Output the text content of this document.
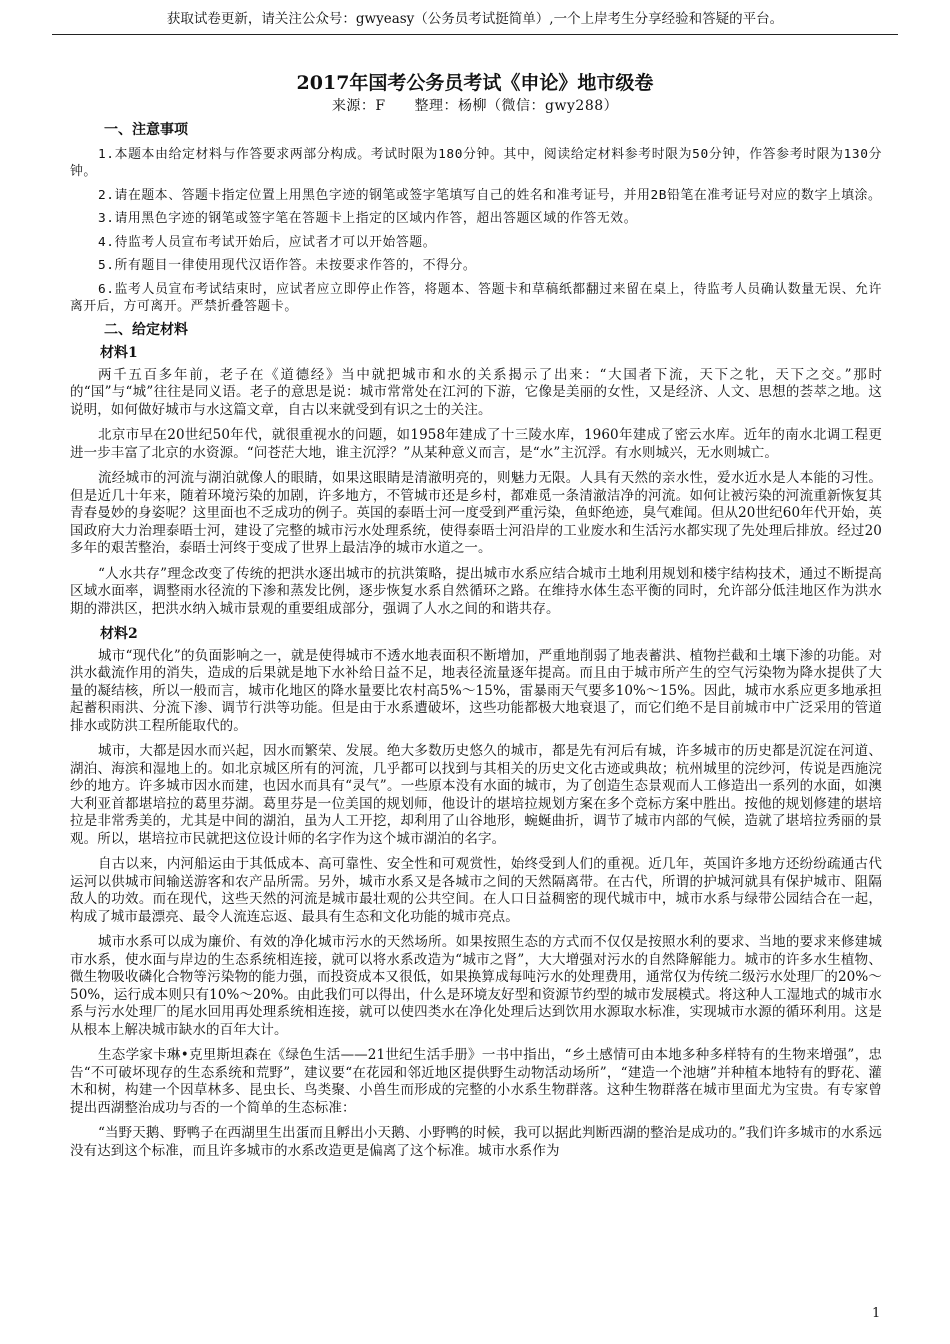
获取试卷更新，请关注公众号：gwyeasy（公务员考试挺简单）,一个上岸考生分享经验和答疑的平台。
2017年国考公务员考试《申论》地市级卷
来源：F　　整理：杨柳（微信：gwy288）
一、注意事项

1.本题本由给定材料与作答要求两部分构成。考试时限为180分钟。其中，阅读给定材料参考时限为50分钟，作答参考时限为130分钟。

2.请在题本、答题卡指定位置上用黑色字迹的钢笔或签字笔填写自己的姓名和准考证号，并用2B铅笔在准考证号对应的数字上填涂。

3.请用黑色字迹的钢笔或签字笔在答题卡上指定的区域内作答，超出答题区域的作答无效。

4.待监考人员宣布考试开始后，应试者才可以开始答题。

5.所有题目一律使用现代汉语作答。未按要求作答的，不得分。

6.监考人员宣布考试结束时，应试者应立即停止作答，将题本、答题卡和草稿纸都翻过来留在桌上，待监考人员确认数量无误、允许离开后，方可离开。严禁折叠答题卡。

二、给定材料
材料1

两千五百多年前，老子在《道德经》当中就把城市和水的关系揭示了出来：“大国者下流，天下之牝，天下之交。”那时的“国”与“城”往往是同义语。老子的意思是说：城市常常处在江河的下游，它像是美丽的女性，又是经济、人文、思想的荟萃之地。这说明，如何做好城市与水这篇文章，自古以来就受到有识之士的关注。

北京市早在20世纪50年代，就很重视水的问题，如1958年建成了十三陵水库，1960年建成了密云水库。近年的南水北调工程更进一步丰富了北京的水资源。“问苍茫大地，谁主沉浮？”从某种意义而言，是“水”主沉浮。有水则城兴，无水则城亡。

流经城市的河流与湖泊就像人的眼睛，如果这眼睛是清澈明亮的，则魅力无限。人具有天然的亲水性，爱水近水是人本能的习性。但是近几十年来，随着环境污染的加剧，许多地方，不管城市还是乡村，都难觅一条清澈洁净的河流。如何让被污染的河流重新恢复其青春曼妙的身姿呢？这里面也不乏成功的例子。英国的泰晤士河一度受到严重污染，鱼虾绝迹，臭气难闻。但从20世纪60年代开始，英国政府大力治理泰晤士河，建设了完整的城市污水处理系统，使得泰晤士河沿岸的工业废水和生活污水都实现了先处理后排放。经过20多年的艰苦整治，泰晤士河终于变成了世界上最洁净的城市水道之一。

“人水共存”理念改变了传统的把洪水逐出城市的抗洪策略，提出城市水系应结合城市土地利用规划和楼宇结构技术，通过不断提高区域水面率，调整雨水径流的下渗和蒸发比例，逐步恢复水系自然循环之路。在维持水体生态平衡的同时，允许部分低洼地区作为洪水期的滞洪区，把洪水纳入城市景观的重要组成部分，强调了人水之间的和谐共存。

材料2

城市“现代化”的负面影响之一，就是使得城市不透水地表面积不断增加，严重地削弱了地表蓄洪、植物拦截和土壤下渗的功能。对洪水截流作用的消失，造成的后果就是地下水补给日益不足，地表径流量逐年提高。而且由于城市所产生的空气污染物为降水提供了大量的凝结核，所以一般而言，城市化地区的降水量要比农村高5%～15%，雷暴雨天气要多10%～15%。因此，城市水系应更多地承担起蓄积雨洪、分流下渗、调节行洪等功能。但是由于水系遭破坏，这些功能都极大地衰退了，而它们绝不是目前城市中广泛采用的管道排水或防洪工程所能取代的。

城市，大都是因水而兴起，因水而繁荣、发展。绝大多数历史悠久的城市，都是先有河后有城，许多城市的历史都是沉淀在河道、湖泊、海滨和湿地上的。如北京城区所有的河流，几乎都可以找到与其相关的历史文化古迹或典故；杭州城里的浣纱河，传说是西施浣纱的地方。许多城市因水而建，也因水而具有“灵气”。一些原本没有水面的城市，为了创造生态景观而人工修造出一系列的水面，如澳大利亚首都堪培拉的葛里芬湖。葛里芬是一位美国的规划师，他设计的堪培拉规划方案在多个竞标方案中胜出。按他的规划修建的堪培拉是非常秀美的，尤其是中间的湖泊，虽为人工开挖，却利用了山谷地形，蜿蜒曲折，调节了城市内部的气候，造就了堪培拉秀丽的景观。所以，堪培拉市民就把这位设计师的名字作为这个城市湖泊的名字。

自古以来，内河船运由于其低成本、高可靠性、安全性和可观赏性，始终受到人们的重视。近几年，英国许多地方还纷纷疏通古代运河以供城市间输送游客和农产品所需。另外，城市水系又是各城市之间的天然隔离带。在古代，所谓的护城河就具有保护城市、阻隔敌人的功效。而在现代，这些天然的河流是城市最壮观的公共空间。在人口日益稠密的现代城市中，城市水系与绿带公园结合在一起，构成了城市最漂亮、最令人流连忘返、最具有生态和文化功能的城市亮点。

城市水系可以成为廉价、有效的净化城市污水的天然场所。如果按照生态的方式而不仅仅是按照水利的要求、当地的要求来修建城市水系，使水面与岸边的生态系统相连接，就可以将水系改造为“城市之肾”，大大增强对污水的自然降解能力。城市的许多水生植物、微生物吸收磷化合物等污染物的能力强，而投资成本又很低，如果换算成每吨污水的处理费用，通常仅为传统二级污水处理厂的20%～50%，运行成本则只有10%～20%。由此我们可以得出，什么是环境友好型和资源节约型的城市发展模式。将这种人工湿地式的城市水系与污水处理厂的尾水回用再处理系统相连接，就可以使四类水在净化处理后达到饮用水源取水标准，实现城市水源的循环利用。这是从根本上解决城市缺水的百年大计。

生态学家卡琳•克里斯坦森在《绿色生活——21世纪生活手册》一书中指出，“乡土感情可由本地多种多样特有的生物来增强”，忠告“不可破坏现存的生态系统和荒野”，建议要“在花园和邻近地区提供野生动物活动场所”，“建造一个池塘”并种植本地特有的野花、灌木和树，构建一个因草林多、昆虫长、鸟类聚、小兽生而形成的完整的小水系生物群落。这种生物群落在城市里面尤为宝贵。有专家曾提出西湖整治成功与否的一个简单的生态标准：

“当野天鹅、野鸭子在西湖里生出蛋而且孵出小天鹅、小野鸭的时候，我可以据此判断西湖的整治是成功的。”我们许多城市的水系远没有达到这个标准，而且许多城市的水系改造更是偏离了这个标准。城市水系作为

1
